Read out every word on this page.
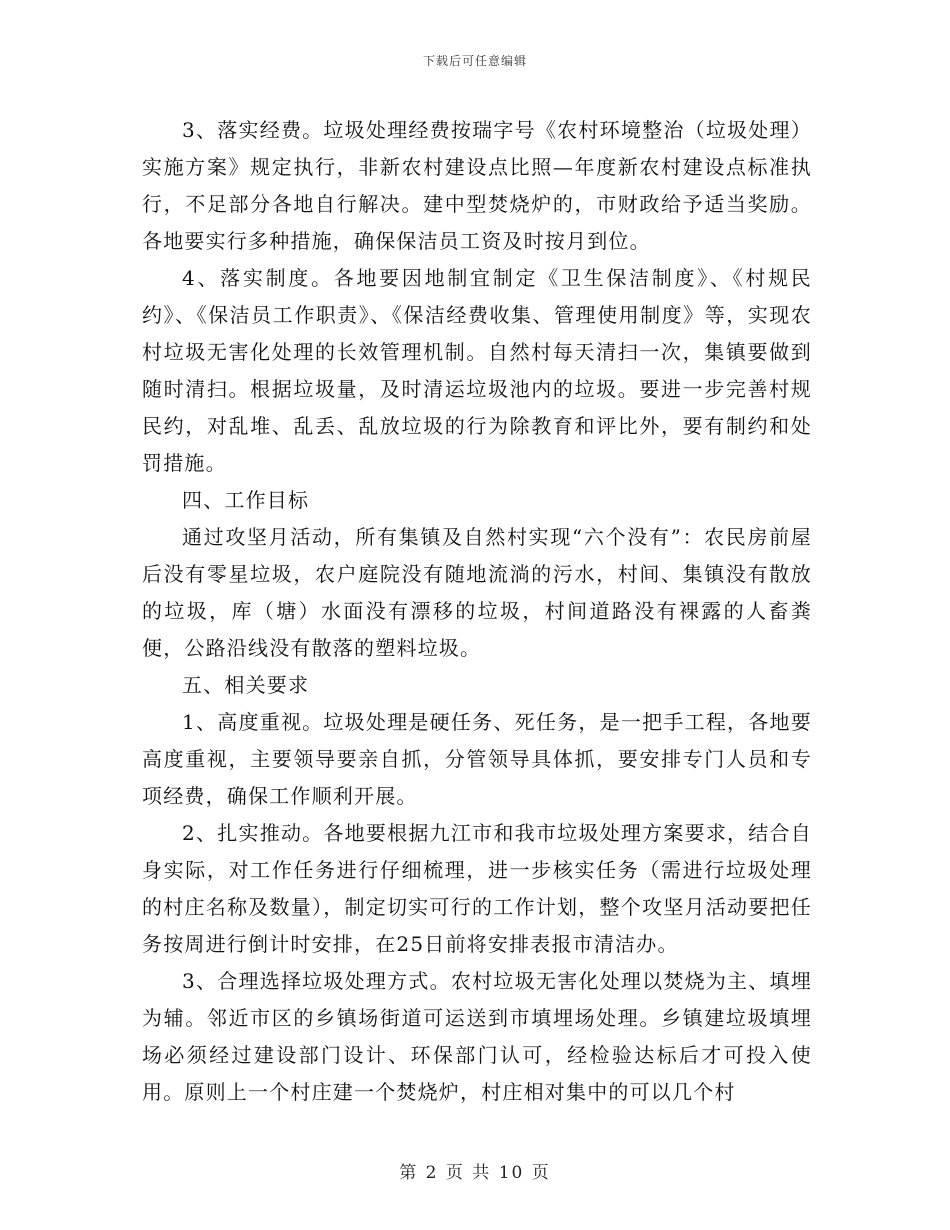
下载后可任意编辑

3、落实经费。垃圾处理经费按瑞字号《农村环境整治（垃圾处理）实施方案》规定执行，非新农村建设点比照—年度新农村建设点标准执行，不足部分各地自行解决。建中型焚烧炉的，市财政给予适当奖励。各地要实行多种措施，确保保洁员工资及时按月到位。

4、落实制度。各地要因地制宜制定《卫生保洁制度》、《村规民约》、《保洁员工作职责》、《保洁经费收集、管理使用制度》等，实现农村垃圾无害化处理的长效管理机制。自然村每天清扫一次，集镇要做到随时清扫。根据垃圾量，及时清运垃圾池内的垃圾。要进一步完善村规民约，对乱堆、乱丢、乱放垃圾的行为除教育和评比外，要有制约和处罚措施。

四、工作目标

通过攻坚月活动，所有集镇及自然村实现“六个没有”：农民房前屋后没有零星垃圾，农户庭院没有随地流淌的污水，村间、集镇没有散放的垃圾，库（塘）水面没有漂移的垃圾，村间道路没有裸露的人畜粪便，公路沿线没有散落的塑料垃圾。

五、相关要求

1、高度重视。垃圾处理是硬任务、死任务，是一把手工程，各地要高度重视，主要领导要亲自抓，分管领导具体抓，要安排专门人员和专项经费，确保工作顺利开展。

2、扎实推动。各地要根据九江市和我市垃圾处理方案要求，结合自身实际，对工作任务进行仔细梳理，进一步核实任务（需进行垃圾处理的村庄名称及数量），制定切实可行的工作计划，整个攻坚月活动要把任务按周进行倒计时安排，在25日前将安排表报市清洁办。

3、合理选择垃圾处理方式。农村垃圾无害化处理以焚烧为主、填埋为辅。邻近市区的乡镇场街道可运送到市填埋场处理。乡镇建垃圾填埋场必须经过建设部门设计、环保部门认可，经检验达标后才可投入使用。原则上一个村庄建一个焚烧炉，村庄相对集中的可以几个村

第 2 页 共 10 页
